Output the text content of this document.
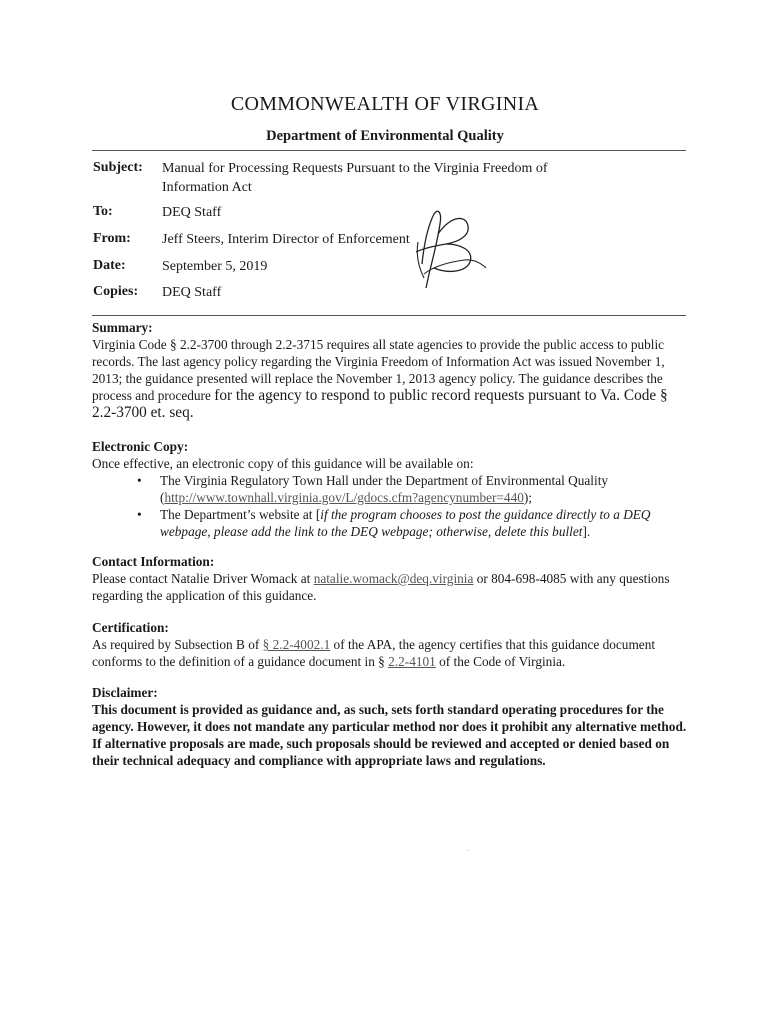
COMMONWEALTH OF VIRGINIA
Department of Environmental Quality
Subject: Manual for Processing Requests Pursuant to the Virginia Freedom of
Information Act
To:	DEQ Staff
From: Jeff Steers, Interim Director of Enforcement
Date:	September 5, 2019
Copies: DEQ Staff
Summary:
Virginia Code § 2.2-3700 through 2.2-3715 requires all state agencies to provide the public access to public records. The last agency policy regarding the Virginia Freedom of Information Act was issued November 1, 2013; the guidance presented will replace the November 1, 2013 agency policy. The guidance describes the process and procedure for the agency to respond to public record requests pursuant to Va. Code § 2.2-3700 et. seq.
Electronic Copy:
Once effective, an electronic copy of this guidance will be available on:
• The Virginia Regulatory Town Hall under the Department of Environmental Quality (http://www.townhall.virginia.gov/L/gdocs.cfm?agencynumber=440);
• The Department’s website at [if the program chooses to post the guidance directly to a DEQ webpage, please add the link to the DEQ webpage; otherwise, delete this bullet].
Contact Information:
Please contact Natalie Driver Womack at natalie.womack@deq.virginia or 804-698-4085 with any questions regarding the application of this guidance.
Certification:
As required by Subsection B of § 2.2-4002.1 of the APA, the agency certifies that this guidance document conforms to the definition of a guidance document in § 2.2-4101 of the Code of Virginia.
Disclaimer:
This document is provided as guidance and, as such, sets forth standard operating procedures for the agency. However, it does not mandate any particular method nor does it prohibit any alternative method. If alternative proposals are made, such proposals should be reviewed and accepted or denied based on their technical adequacy and compliance with appropriate laws and regulations.
